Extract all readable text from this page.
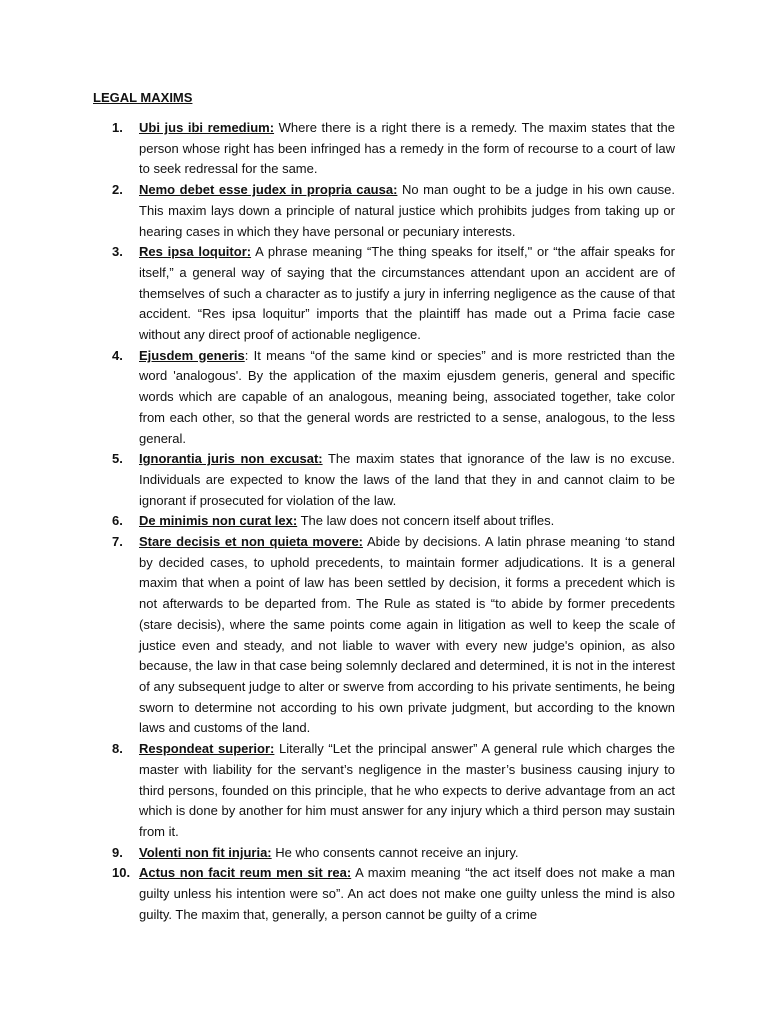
LEGAL MAXIMS
1. Ubi jus ibi remedium: Where there is a right there is a remedy. The maxim states that the person whose right has been infringed has a remedy in the form of recourse to a court of law to seek redressal for the same.
2. Nemo debet esse judex in propria causa: No man ought to be a judge in his own cause. This maxim lays down a principle of natural justice which prohibits judges from taking up or hearing cases in which they have personal or pecuniary interests.
3. Res ipsa loquitor: A phrase meaning “The thing speaks for itself," or “the affair speaks for itself,” a general way of saying that the circumstances attendant upon an accident are of themselves of such a character as to justify a jury in inferring negligence as the cause of that accident. “Res ipsa loquitur” imports that the plaintiff has made out a Prima facie case without any direct proof of actionable negligence.
4. Ejusdem generis: It means “of the same kind or species” and is more restricted than the word 'analogous'. By the application of the maxim ejusdem generis, general and specific words which are capable of an analogous, meaning being, associated together, take color from each other, so that the general words are restricted to a sense, analogous, to the less general.
5. Ignorantia juris non excusat: The maxim states that ignorance of the law is no excuse. Individuals are expected to know the laws of the land that they in and cannot claim to be ignorant if prosecuted for violation of the law.
6. De minimis non curat lex: The law does not concern itself about trifles.
7. Stare decisis et non quieta movere: Abide by decisions. A latin phrase meaning ‘to stand by decided cases, to uphold precedents, to maintain former adjudications. It is a general maxim that when a point of law has been settled by decision, it forms a precedent which is not afterwards to be departed from. The Rule as stated is “to abide by former precedents (stare decisis), where the same points come again in litigation as well to keep the scale of justice even and steady, and not liable to waver with every new judge's opinion, as also because, the law in that case being solemnly declared and determined, it is not in the interest of any subsequent judge to alter or swerve from according to his private sentiments, he being sworn to determine not according to his own private judgment, but according to the known laws and customs of the land.
8. Respondeat superior: Literally “Let the principal answer” A general rule which charges the master with liability for the servant’s negligence in the master’s business causing injury to third persons, founded on this principle, that he who expects to derive advantage from an act which is done by another for him must answer for any injury which a third person may sustain from it.
9. Volenti non fit injuria: He who consents cannot receive an injury.
10. Actus non facit reum men sit rea: A maxim meaning “the act itself does not make a man guilty unless his intention were so”. An act does not make one guilty unless the mind is also guilty. The maxim that, generally, a person cannot be guilty of a crime
